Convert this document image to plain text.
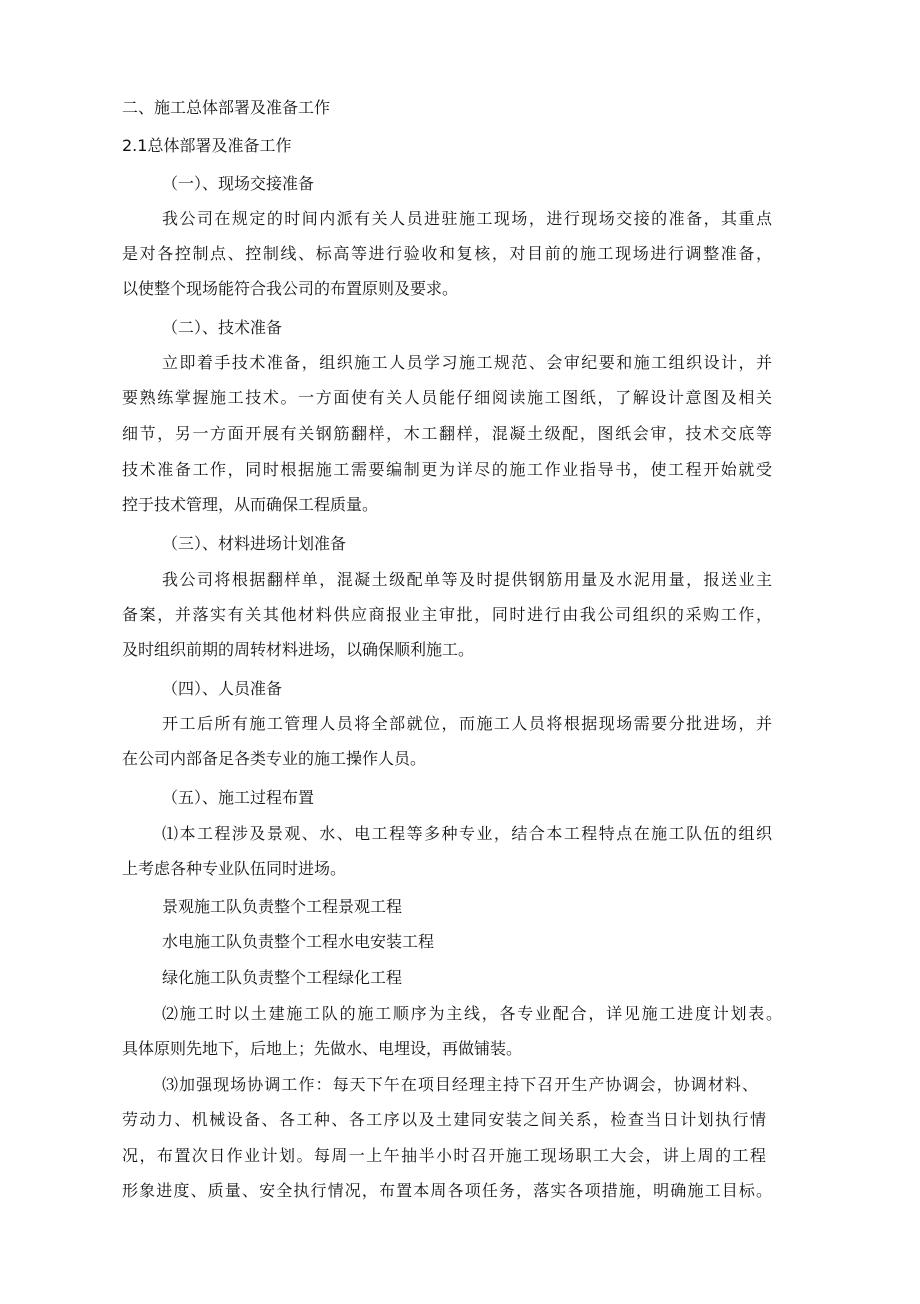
二、施工总体部署及准备工作
2.1总体部署及准备工作
（一）、现场交接准备
我公司在规定的时间内派有关人员进驻施工现场，进行现场交接的准备，其重点
是对各控制点、控制线、标高等进行验收和复核，对目前的施工现场进行调整准备，
以使整个现场能符合我公司的布置原则及要求。
（二）、技术准备
立即着手技术准备，组织施工人员学习施工规范、会审纪要和施工组织设计，并
要熟练掌握施工技术。一方面使有关人员能仔细阅读施工图纸，了解设计意图及相关
细节，另一方面开展有关钢筋翻样，木工翻样，混凝土级配，图纸会审，技术交底等
技术准备工作，同时根据施工需要编制更为详尽的施工作业指导书，使工程开始就受
控于技术管理，从而确保工程质量。
（三）、材料进场计划准备
我公司将根据翻样单，混凝土级配单等及时提供钢筋用量及水泥用量，报送业主
备案，并落实有关其他材料供应商报业主审批，同时进行由我公司组织的采购工作，
及时组织前期的周转材料进场，以确保顺利施工。
（四）、人员准备
开工后所有施工管理人员将全部就位，而施工人员将根据现场需要分批进场，并
在公司内部备足各类专业的施工操作人员。
（五）、施工过程布置
⑴本工程涉及景观、水、电工程等多种专业，结合本工程特点在施工队伍的组织
上考虑各种专业队伍同时进场。
景观施工队负责整个工程景观工程
水电施工队负责整个工程水电安装工程
绿化施工队负责整个工程绿化工程
⑵施工时以土建施工队的施工顺序为主线，各专业配合，详见施工进度计划表。
具体原则先地下，后地上；先做水、电埋设，再做铺装。
⑶加强现场协调工作：每天下午在项目经理主持下召开生产协调会，协调材料、
劳动力、机械设备、各工种、各工序以及土建同安装之间关系，检查当日计划执行情
况，布置次日作业计划。每周一上午抽半小时召开施工现场职工大会，讲上周的工程
形象进度、质量、安全执行情况，布置本周各项任务，落实各项措施，明确施工目标。
